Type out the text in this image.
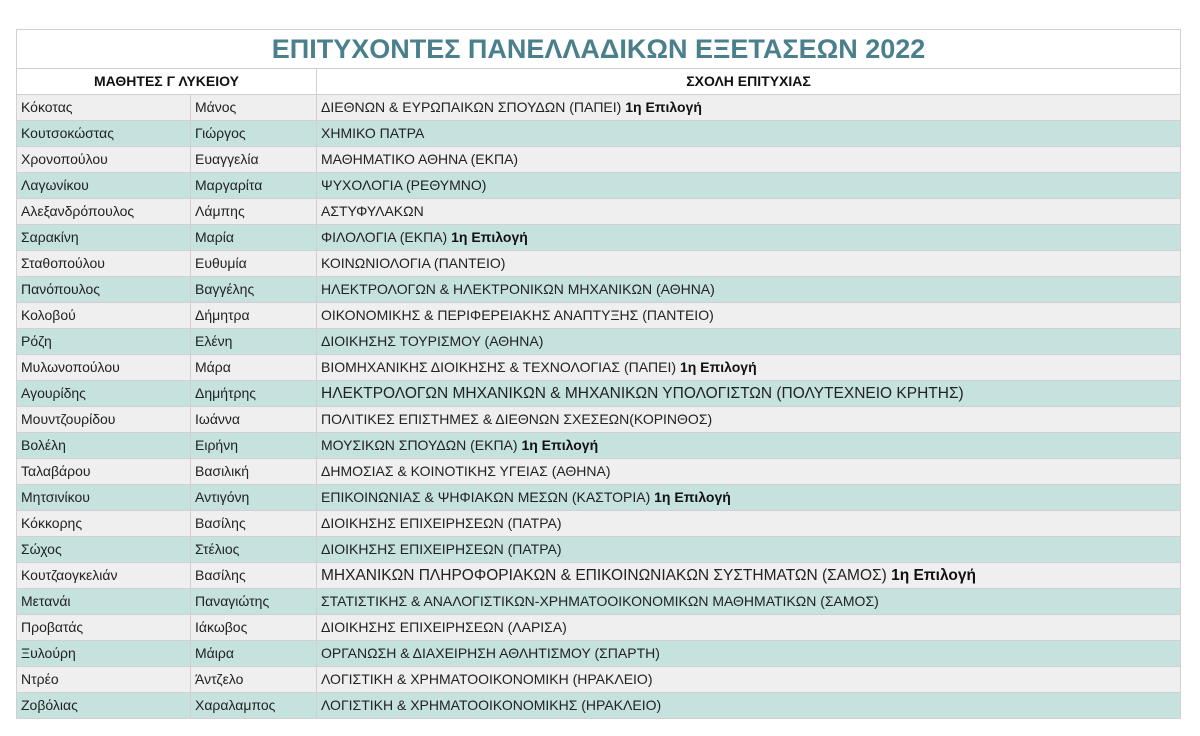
ΕΠΙΤΥΧΟΝΤΕΣ ΠΑΝΕΛΛΑΔΙΚΩΝ ΕΞΕΤΑΣΕΩΝ 2022		
ΜΑΘΗΤΕΣ Γ ΛΥΚΕΙΟΥ		ΣΧΟΛΗ ΕΠΙΤΥΧΙΑΣ
Κόκοτας	Μάνος	ΔΙΕΘΝΩΝ & ΕΥΡΩΠΑΙΚΩΝ ΣΠΟΥΔΩΝ (ΠΑΠΕΙ) 1η Επιλογή
Κουτσοκώστας	Γιώργος	ΧΗΜΙΚΟ ΠΑΤΡΑ
Χρονοπούλου	Ευαγγελία	ΜΑΘΗΜΑΤΙΚΟ ΑΘΗΝΑ (ΕΚΠΑ)
Λαγωνίκου	Μαργαρίτα	ΨΥΧΟΛΟΓΙΑ (ΡΕΘΥΜΝΟ)
Αλεξανδρόπουλος	Λάμπης	ΑΣΤΥΦΥΛΑΚΩΝ
Σαρακίνη	Μαρία	ΦΙΛΟΛΟΓΙΑ (ΕΚΠΑ) 1η Επιλογή
Σταθοπούλου	Ευθυμία	ΚΟΙΝΩΝΙΟΛΟΓΙΑ (ΠΑΝΤΕΙΟ)
Πανόπουλος	Βαγγέλης	ΗΛΕΚΤΡΟΛΟΓΩΝ & ΗΛΕΚΤΡΟΝΙΚΩΝ ΜΗΧΑΝΙΚΩΝ (ΑΘΗΝΑ)
Κολοβού	Δήμητρα	ΟΙΚΟΝΟΜΙΚΗΣ & ΠΕΡΙΦΕΡΕΙΑΚΗΣ ΑΝΑΠΤΥΞΗΣ (ΠΑΝΤΕΙΟ)
Ρόζη	Ελένη	ΔΙΟΙΚΗΣΗΣ ΤΟΥΡΙΣΜΟΥ (ΑΘΗΝΑ)
Μυλωνοπούλου	Μάρα	ΒΙΟΜΗΧΑΝΙΚΗΣ ΔΙΟΙΚΗΣΗΣ & ΤΕΧΝΟΛΟΓΙΑΣ (ΠΑΠΕΙ) 1η Επιλογή
Αγουρίδης	Δημήτρης	ΗΛΕΚΤΡΟΛΟΓΩΝ ΜΗΧΑΝΙΚΩΝ & ΜΗΧΑΝΙΚΩΝ ΥΠΟΛΟΓΙΣΤΩΝ (ΠΟΛΥΤΕΧΝΕΙΟ ΚΡΗΤΗΣ)
Μουντζουρίδου	Ιωάννα	ΠΟΛΙΤΙΚΕΣ ΕΠΙΣΤΗΜΕΣ & ΔΙΕΘΝΩΝ ΣΧΕΣΕΩΝ(ΚΟΡΙΝΘΟΣ)
Βολέλη	Ειρήνη	ΜΟΥΣΙΚΩΝ ΣΠΟΥΔΩΝ (ΕΚΠΑ) 1η Επιλογή
Ταλαβάρου	Βασιλική	ΔΗΜΟΣΙΑΣ & ΚΟΙΝΟΤΙΚΗΣ ΥΓΕΙΑΣ (ΑΘΗΝΑ)
Μητσινίκου	Αντιγόνη	ΕΠΙΚΟΙΝΩΝΙΑΣ & ΨΗΦΙΑΚΩΝ ΜΕΣΩΝ (ΚΑΣΤΟΡΙΑ) 1η Επιλογή
Κόκκορης	Βασίλης	ΔΙΟΙΚΗΣΗΣ ΕΠΙΧΕΙΡΗΣΕΩΝ (ΠΑΤΡΑ)
Σώχος	Στέλιος	ΔΙΟΙΚΗΣΗΣ ΕΠΙΧΕΙΡΗΣΕΩΝ (ΠΑΤΡΑ)
Κουτζαογκελιάν	Βασίλης	ΜΗΧΑΝΙΚΩΝ ΠΛΗΡΟΦΟΡΙΑΚΩΝ & ΕΠΙΚΟΙΝΩΝΙΑΚΩΝ ΣΥΣΤΗΜΑΤΩΝ (ΣΑΜΟΣ) 1η Επιλογή
Μετανάι	Παναγιώτης	ΣΤΑΤΙΣΤΙΚΗΣ & ΑΝΑΛΟΓΙΣΤΙΚΩΝ-ΧΡΗΜΑΤΟΟΙΚΟΝΟΜΙΚΩΝ ΜΑΘΗΜΑΤΙΚΩΝ (ΣΑΜΟΣ)
Προβατάς	Ιάκωβος	ΔΙΟΙΚΗΣΗΣ ΕΠΙΧΕΙΡΗΣΕΩΝ (ΛΑΡΙΣΑ)
Ξυλούρη	Μάιρα	ΟΡΓΑΝΩΣΗ & ΔΙΑΧΕΙΡΗΣΗ ΑΘΛΗΤΙΣΜΟΥ (ΣΠΑΡΤΗ)
Ντρέο	Άντζελο	ΛΟΓΙΣΤΙΚΗ & ΧΡΗΜΑΤΟΟΙΚΟΝΟΜΙΚΗ (ΗΡΑΚΛΕΙΟ)
Ζοβόλιας	Χαραλαμπος	ΛΟΓΙΣΤΙΚΗ & ΧΡΗΜΑΤΟΟΙΚΟΝΟΜΙΚΗΣ (ΗΡΑΚΛΕΙΟ)
